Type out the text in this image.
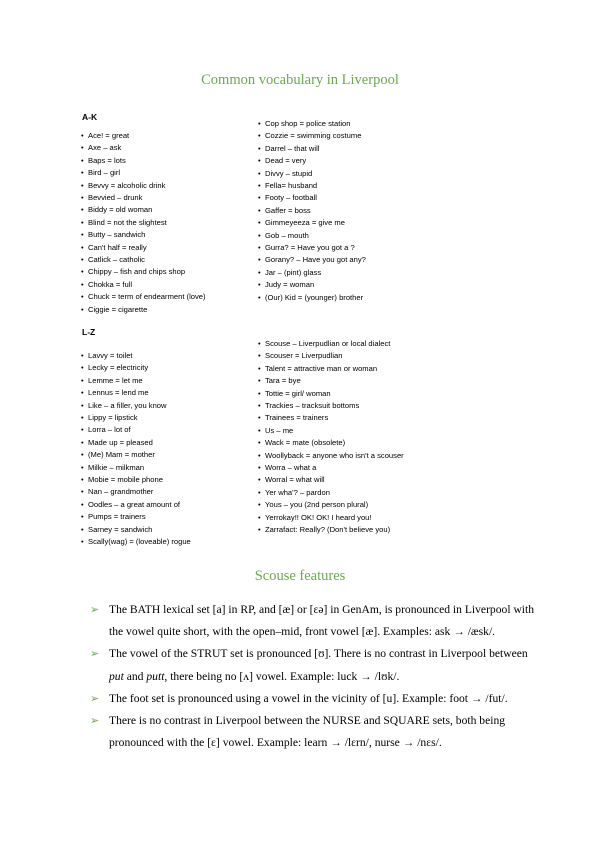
Common vocabulary in Liverpool
A-K
• Ace! = great
• Axe – ask
• Baps = lots
• Bird – girl
• Bevvy = alcoholic drink
• Bevvied – drunk
• Biddy = old woman
• Blind = not the slightest
• Butty – sandwich
• Can't half = really
• Catlick – catholic
• Chippy – fish and chips shop
• Chokka = full
• Chuck = term of endearment (love)
• Ciggie = cigarette
• Cop shop = police station
• Cozzie = swimming costume
• Darrel – that will
• Dead = very
• Divvy – stupid
• Fella= husband
• Footy – football
• Gaffer = boss
• Gimmeyeeza = give me
• Gob – mouth
• Gurra? = Have you got a ?
• Gorany? – Have you got any?
• Jar – (pint) glass
• Judy = woman
• (Our) Kid = (younger) brother
L-Z
• Lavvy = toilet
• Lecky = electricity
• Lemme = let me
• Lennus = lend me
• Like – a filler, you know
• Lippy = lipstick
• Lorra – lot of
• Made up = pleased
• (Me) Mam = mother
• Milkie – milkman
• Mobie = mobile phone
• Nan – grandmother
• Oodles – a great amount of
• Pumps = trainers
• Sarney = sandwich
• Scally(wag) = (loveable) rogue
• Scouse – Liverpudlian or local dialect
• Scouser = Liverpudlian
• Talent = attractive man or woman
• Tara = bye
• Tottie = girl/ woman
• Trackies – tracksuit bottoms
• Trainees = trainers
• Us – me
• Wack = mate (obsolete)
• Woollyback = anyone who isn't a scouser
• Worra – what a
• Worral = what will
• Yer wha'? – pardon
• Yous – you (2nd person plural)
• Yerrokay!! OK! OK! I heard you!
• Zarrafact: Really? (Don't believe you)
Scouse features
➢ The BATH lexical set [a] in RP, and [æ] or [ɛə] in GenAm, is pronounced in Liverpool with the vowel quite short, with the open–mid, front vowel [æ]. Examples: ask → /æsk/.
➢ The vowel of the STRUT set is pronounced [ʊ]. There is no contrast in Liverpool between put and putt, there being no [ʌ] vowel. Example: luck → /lʊk/.
➢ The foot set is pronounced using a vowel in the vicinity of [u]. Example: foot → /fut/.
➢ There is no contrast in Liverpool between the NURSE and SQUARE sets, both being pronounced with the [ɛ] vowel. Example: learn → /lɛrn/, nurse → /nɛs/.
